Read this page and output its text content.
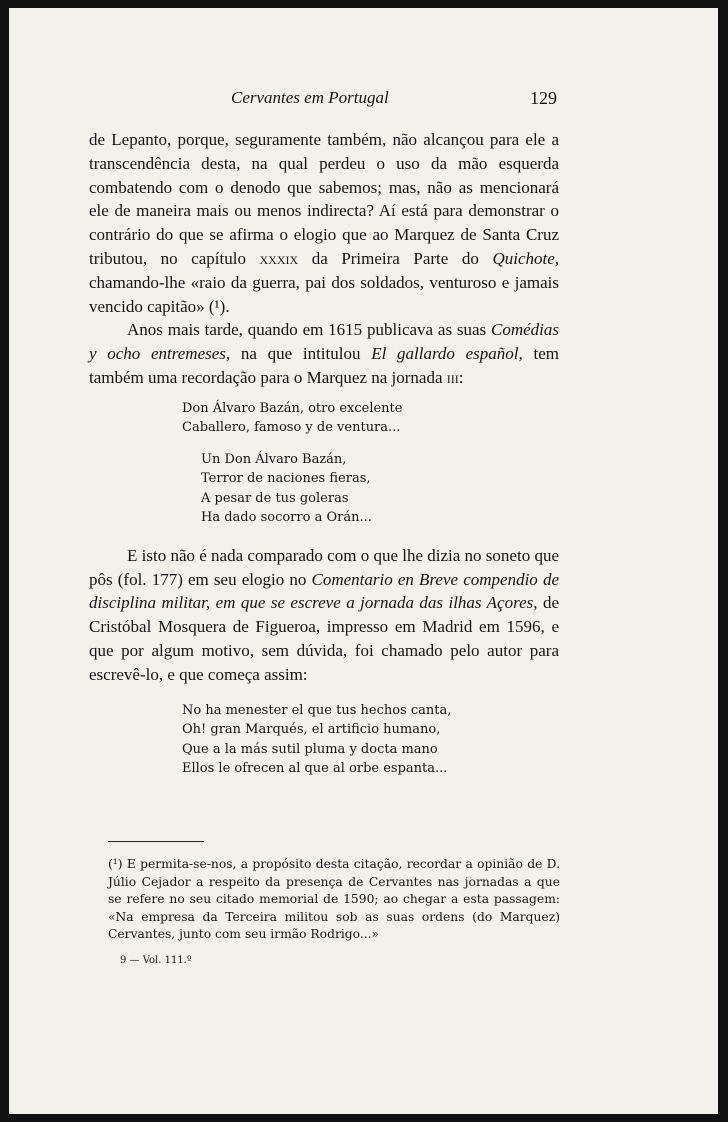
Cervantes em Portugal	129

de Lepanto, porque, seguramente também, não alcançou para ele a transcendência desta, na qual perdeu o uso da mão esquerda combatendo com o denodo que sabemos; mas, não as mencionará ele de maneira mais ou menos indirecta? Aí está para demonstrar o contrário do que se afirma o elogio que ao Marquez de Santa Cruz tributou, no capítulo xxxix da Primeira Parte do Quichote, chamando-lhe «raio da guerra, pai dos soldados, venturoso e jamais vencido capitão» (¹).

Anos mais tarde, quando em 1615 publicava as suas Comédias y ocho entremeses, na que intitulou El gallardo español, tem também uma recordação para o Marquez na jornada iii:

Don Álvaro Bazán, otro excelente
Caballero, famoso y de ventura...
Un Don Álvaro Bazán,
Terror de naciones fieras,
A pesar de tus goleras
Ha dado socorro a Orán...

E isto não é nada comparado com o que lhe dizia no soneto que pôs (fol. 177) em seu elogio no Comentario en Breve compendio de disciplina militar, em que se escreve a jornada das ilhas Açores, de Cristóbal Mosquera de Figueroa, impresso em Madrid em 1596, e que por algum motivo, sem dúvida, foi chamado pelo autor para escrevê-lo, e que começa assim:

No ha menester el que tus hechos canta,
Oh! gran Marqués, el artificio humano,
Que a la más sutil pluma y docta mano
Ellos le ofrecen al que al orbe espanta...

(¹) E permita-se-nos, a propósito desta citação, recordar a opinião de D. Júlio Cejador a respeito da presença de Cervantes nas jornadas a que se refere no seu citado memorial de 1590; ao chegar a esta passagem: «Na empresa da Terceira militou sob as suas ordens (do Marquez) Cervantes, junto com seu irmão Rodrigo...»

9 — Vol. 111.º
